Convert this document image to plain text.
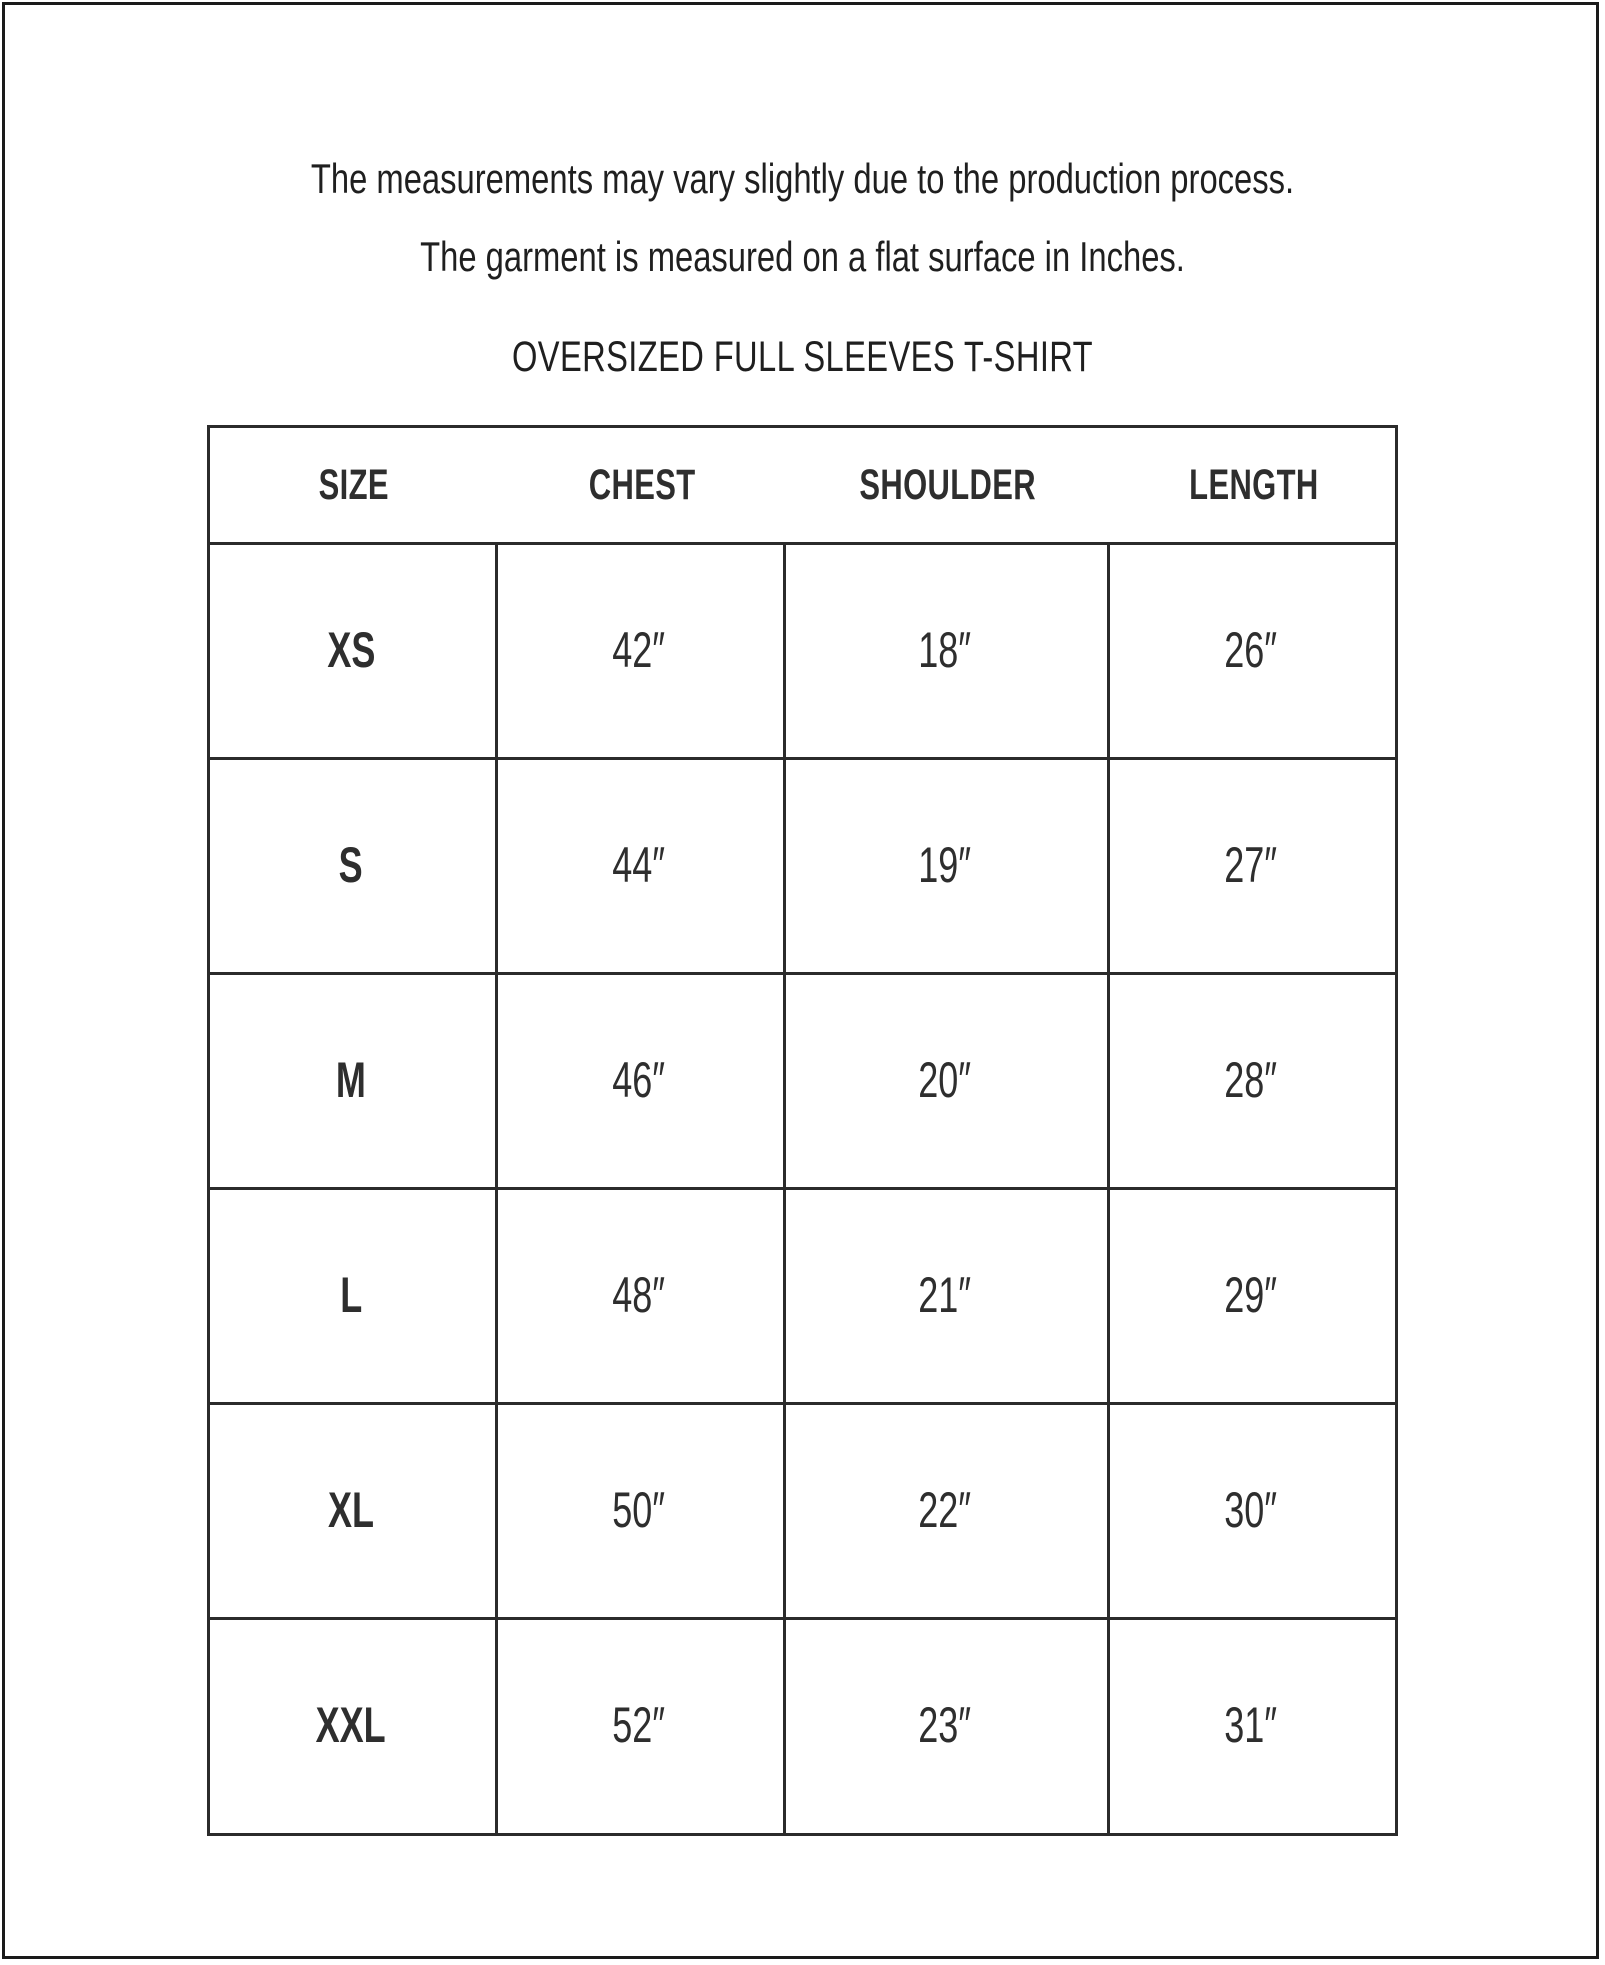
The measurements may vary slightly due to the production process.
The garment is measured on a flat surface in Inches.
OVERSIZED FULL SLEEVES T-SHIRT
SIZE	CHEST	SHOULDER	LENGTH
XS	42″	18″	26″
S	44″	19″	27″
M	46″	20″	28″
L	48″	21″	29″
XL	50″	22″	30″
XXL	52″	23″	31″
